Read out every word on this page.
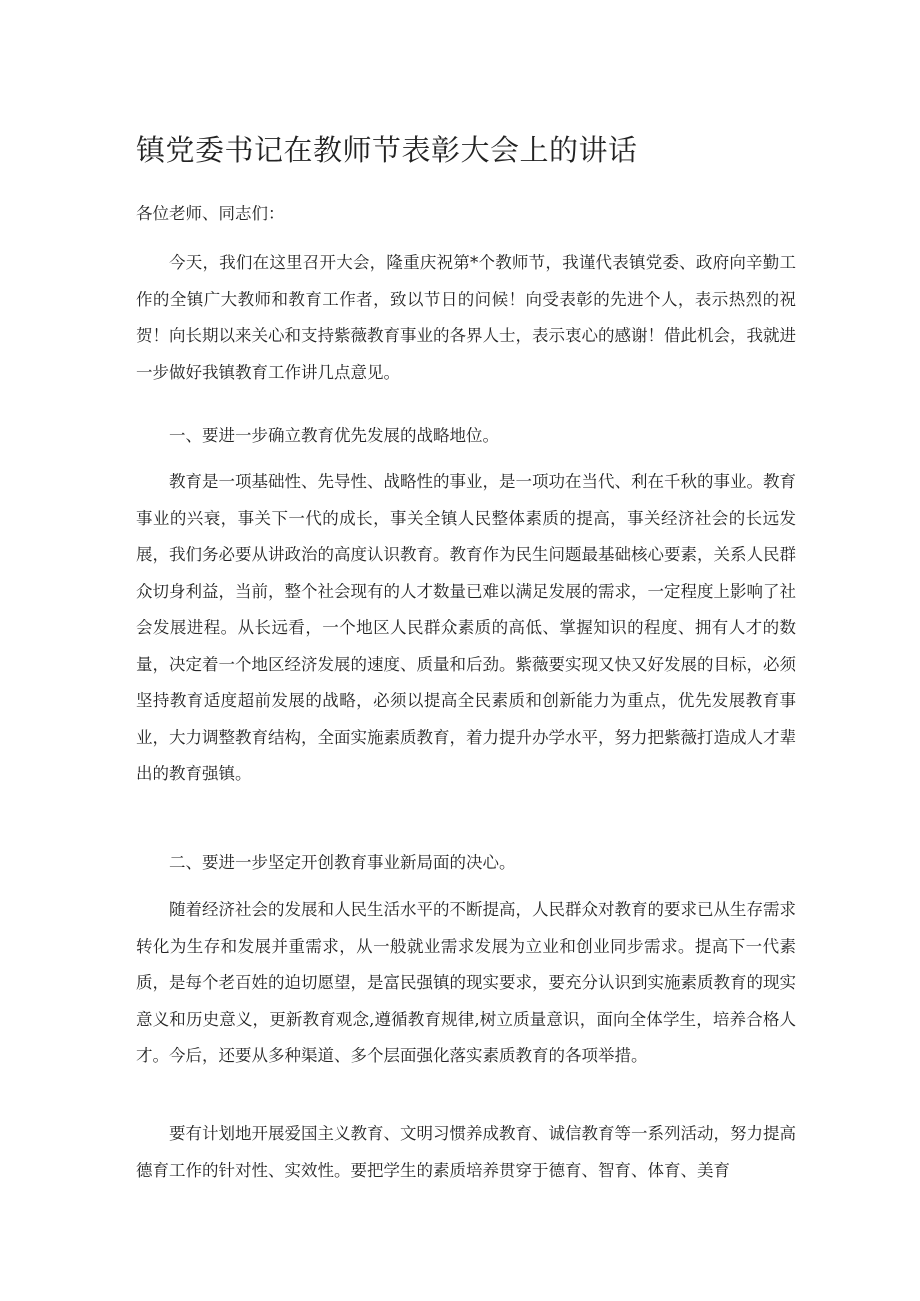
镇党委书记在教师节表彰大会上的讲话

各位老师、同志们：

今天，我们在这里召开大会，隆重庆祝第*个教师节，我谨代表镇党委、政府向辛勤工作的全镇广大教师和教育工作者，致以节日的问候！向受表彰的先进个人，表示热烈的祝贺！向长期以来关心和支持紫薇教育事业的各界人士，表示衷心的感谢！借此机会，我就进一步做好我镇教育工作讲几点意见。

一、要进一步确立教育优先发展的战略地位。

教育是一项基础性、先导性、战略性的事业，是一项功在当代、利在千秋的事业。教育事业的兴衰，事关下一代的成长，事关全镇人民整体素质的提高，事关经济社会的长远发展，我们务必要从讲政治的高度认识教育。教育作为民生问题最基础核心要素，关系人民群众切身利益，当前，整个社会现有的人才数量已难以满足发展的需求，一定程度上影响了社会发展进程。从长远看，一个地区人民群众素质的高低、掌握知识的程度、拥有人才的数量，决定着一个地区经济发展的速度、质量和后劲。紫薇要实现又快又好发展的目标，必须坚持教育适度超前发展的战略，必须以提高全民素质和创新能力为重点，优先发展教育事业，大力调整教育结构，全面实施素质教育，着力提升办学水平，努力把紫薇打造成人才辈出的教育强镇。

二、要进一步坚定开创教育事业新局面的决心。

随着经济社会的发展和人民生活水平的不断提高，人民群众对教育的要求已从生存需求转化为生存和发展并重需求，从一般就业需求发展为立业和创业同步需求。提高下一代素质，是每个老百姓的迫切愿望，是富民强镇的现实要求，要充分认识到实施素质教育的现实意义和历史意义，更新教育观念,遵循教育规律,树立质量意识，面向全体学生，培养合格人才。今后，还要从多种渠道、多个层面强化落实素质教育的各项举措。

要有计划地开展爱国主义教育、文明习惯养成教育、诚信教育等一系列活动，努力提高德育工作的针对性、实效性。要把学生的素质培养贯穿于德育、智育、体育、美育
